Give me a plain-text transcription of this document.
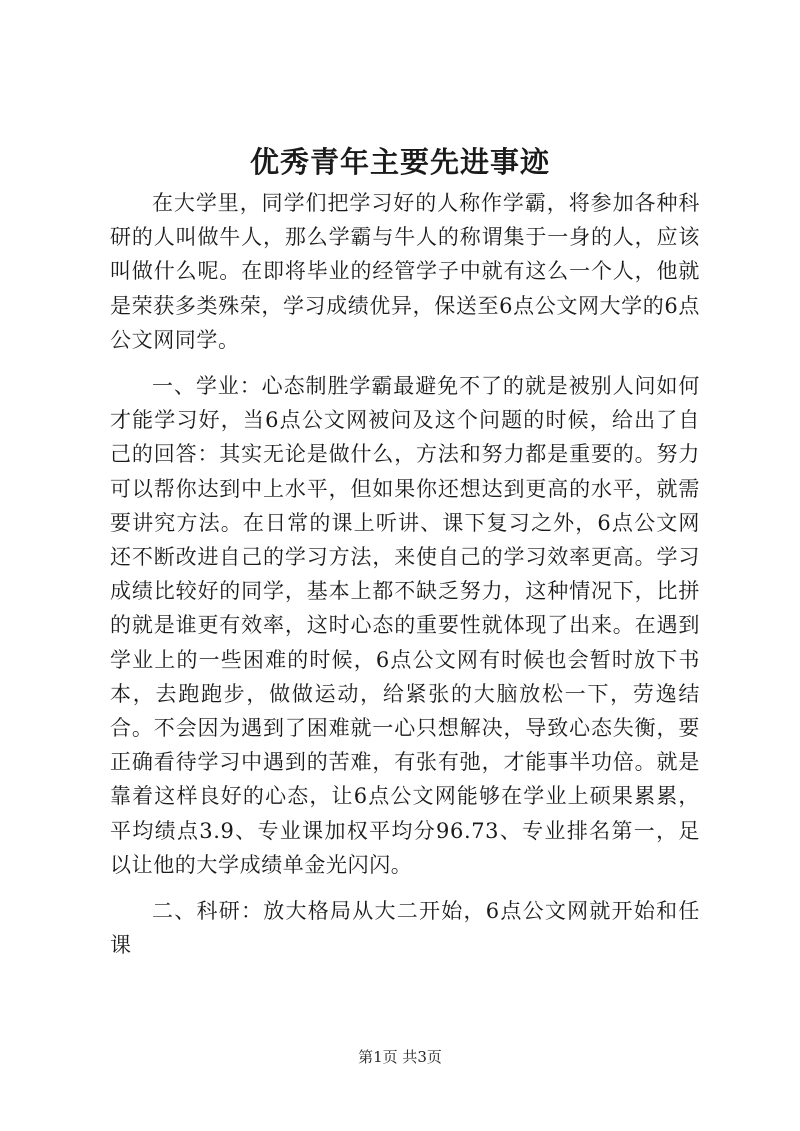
优秀青年主要先进事迹

在大学里，同学们把学习好的人称作学霸，将参加各种科研的人叫做牛人，那么学霸与牛人的称谓集于一身的人，应该叫做什么呢。在即将毕业的经管学子中就有这么一个人，他就是荣获多类殊荣，学习成绩优异，保送至6点公文网大学的6点公文网同学。

一、学业：心态制胜学霸最避免不了的就是被别人问如何才能学习好，当6点公文网被问及这个问题的时候，给出了自己的回答：其实无论是做什么，方法和努力都是重要的。努力可以帮你达到中上水平，但如果你还想达到更高的水平，就需要讲究方法。在日常的课上听讲、课下复习之外，6点公文网还不断改进自己的学习方法，来使自己的学习效率更高。学习成绩比较好的同学，基本上都不缺乏努力，这种情况下，比拼的就是谁更有效率，这时心态的重要性就体现了出来。在遇到学业上的一些困难的时候，6点公文网有时候也会暂时放下书本，去跑跑步，做做运动，给紧张的大脑放松一下，劳逸结合。不会因为遇到了困难就一心只想解决，导致心态失衡，要正确看待学习中遇到的苦难，有张有弛，才能事半功倍。就是靠着这样良好的心态，让6点公文网能够在学业上硕果累累，平均绩点3.9、专业课加权平均分96.73、专业排名第一，足以让他的大学成绩单金光闪闪。

二、科研：放大格局从大二开始，6点公文网就开始和任课

第1页 共3页
